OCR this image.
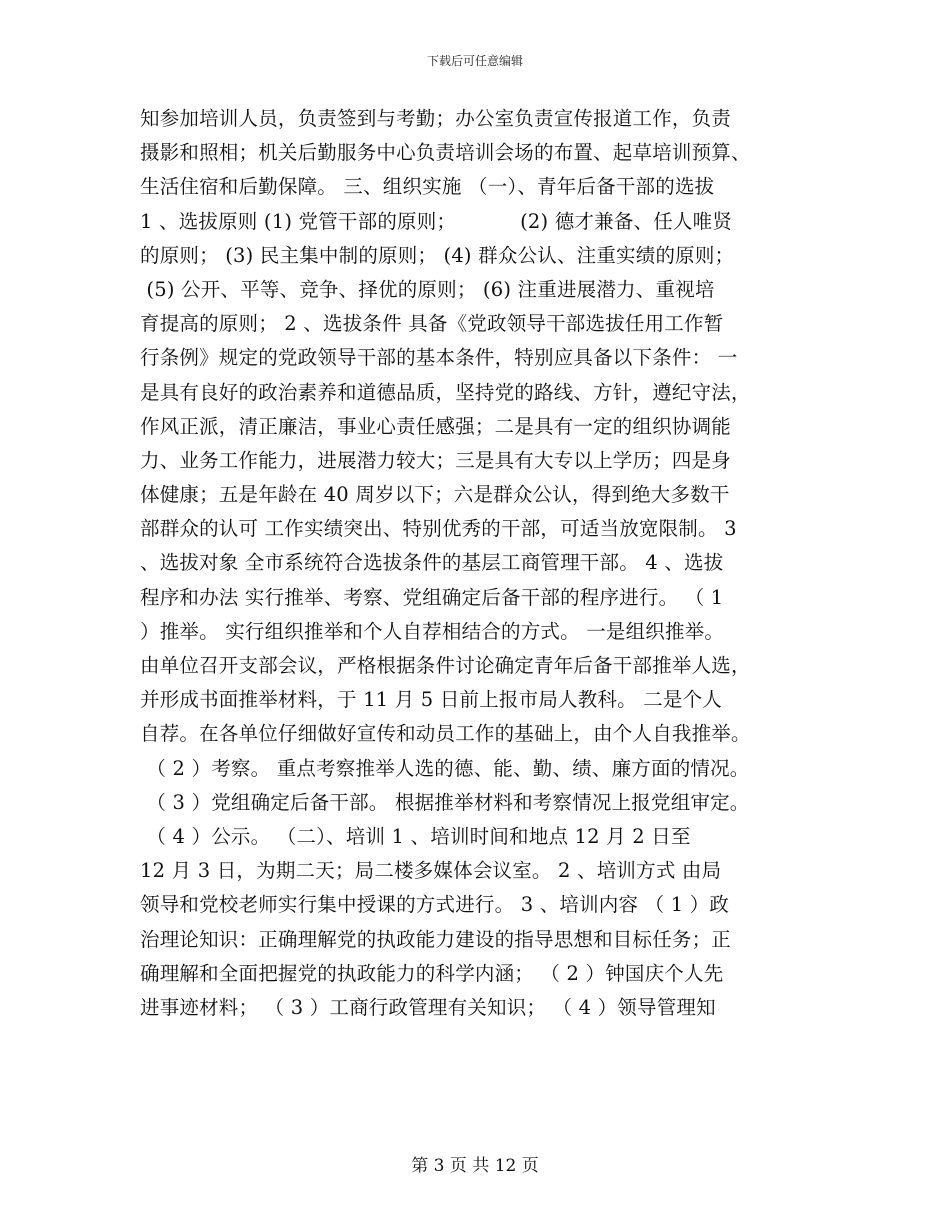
下载后可任意编辑
知参加培训人员，负责签到与考勤；办公室负责宣传报道工作，负责
摄影和照相；机关后勤服务中心负责培训会场的布置、起草培训预算、
生活住宿和后勤保障。 三、组织实施 （一）、青年后备干部的选拔
1 、选拔原则 (1) 党管干部的原则；          (2) 德才兼备、任人唯贤
的原则； (3) 民主集中制的原则； (4) 群众公认、注重实绩的原则；
(5) 公开、平等、竞争、择优的原则； (6) 注重进展潜力、重视培
育提高的原则； 2 、选拔条件 具备《党政领导干部选拔任用工作暂
行条例》规定的党政领导干部的基本条件，特别应具备以下条件： 一
是具有良好的政治素养和道德品质，坚持党的路线、方针，遵纪守法，
作风正派，清正廉洁，事业心责任感强；二是具有一定的组织协调能
力、业务工作能力，进展潜力较大；三是具有大专以上学历；四是身
体健康；五是年龄在 40 周岁以下；六是群众公认，得到绝大多数干
部群众的认可 工作实绩突出、特别优秀的干部，可适当放宽限制。 3
、选拔对象 全市系统符合选拔条件的基层工商管理干部。 4 、选拔
程序和办法 实行推举、考察、党组确定后备干部的程序进行。 （ 1
）推举。 实行组织推举和个人自荐相结合的方式。 一是组织推举。
由单位召开支部会议，严格根据条件讨论确定青年后备干部推举人选，
并形成书面推举材料，于 11 月 5 日前上报市局人教科。 二是个人
自荐。在各单位仔细做好宣传和动员工作的基础上，由个人自我推举。
（ 2 ）考察。 重点考察推举人选的德、能、勤、绩、廉方面的情况。
（ 3 ）党组确定后备干部。 根据推举材料和考察情况上报党组审定。
（ 4 ）公示。 （二）、培训 1 、培训时间和地点 12 月 2 日至
12 月 3 日，为期二天；局二楼多媒体会议室。 2 、培训方式 由局
领导和党校老师实行集中授课的方式进行。 3 、培训内容 （ 1 ）政
治理论知识：正确理解党的执政能力建设的指导思想和目标任务；正
确理解和全面把握党的执政能力的科学内涵； （ 2 ）钟国庆个人先
进事迹材料； （ 3 ）工商行政管理有关知识； （ 4 ）领导管理知
第 3 页 共 12 页
